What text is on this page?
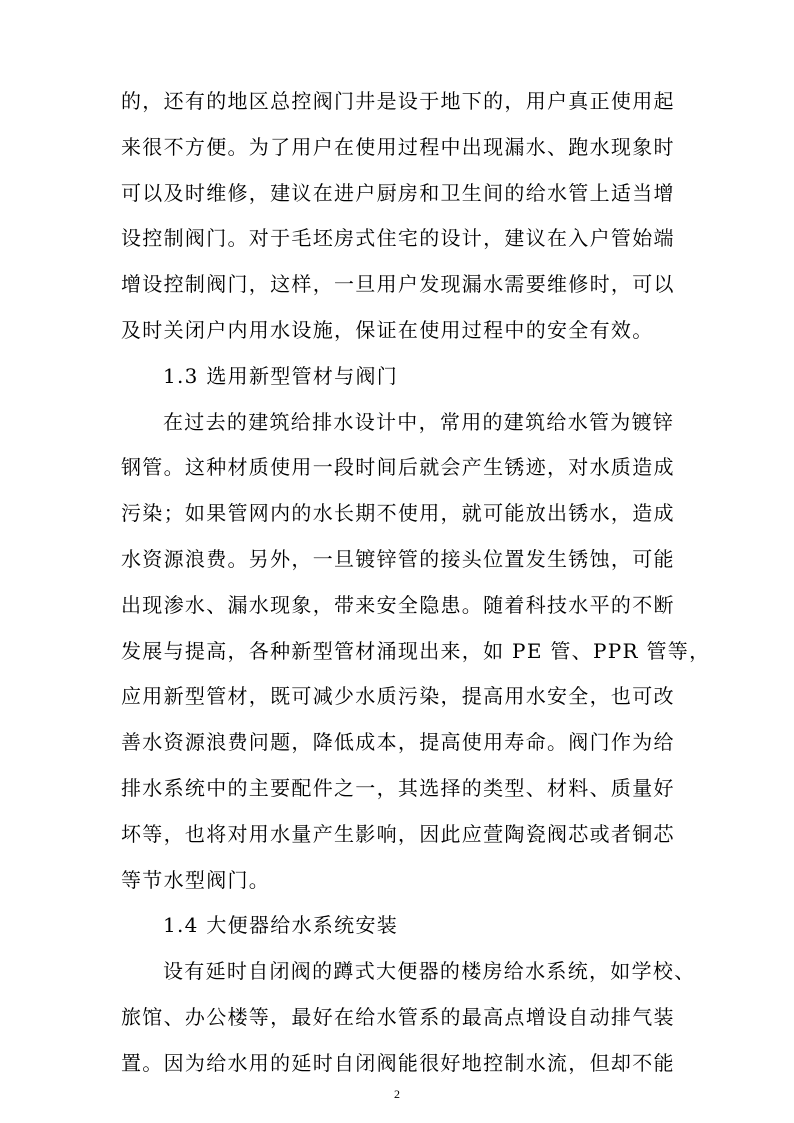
的，还有的地区总控阀门井是设于地下的，用户真正使用起
来很不方便。为了用户在使用过程中出现漏水、跑水现象时
可以及时维修，建议在进户厨房和卫生间的给水管上适当增
设控制阀门。对于毛坯房式住宅的设计，建议在入户管始端
增设控制阀门，这样，一旦用户发现漏水需要维修时，可以
及时关闭户内用水设施，保证在使用过程中的安全有效。
1.3 选用新型管材与阀门
在过去的建筑给排水设计中，常用的建筑给水管为镀锌
钢管。这种材质使用一段时间后就会产生锈迹，对水质造成
污染；如果管网内的水长期不使用，就可能放出锈水，造成
水资源浪费。另外，一旦镀锌管的接头位置发生锈蚀，可能
出现渗水、漏水现象，带来安全隐患。随着科技水平的不断
发展与提高，各种新型管材涌现出来，如 PE 管、PPR 管等，
应用新型管材，既可减少水质污染，提高用水安全，也可改
善水资源浪费问题，降低成本，提高使用寿命。阀门作为给
排水系统中的主要配件之一，其选择的类型、材料、质量好
坏等，也将对用水量产生影响，因此应萱陶瓷阀芯或者铜芯
等节水型阀门。
1.4 大便器给水系统安装
设有延时自闭阀的蹲式大便器的楼房给水系统，如学校、
旅馆、办公楼等，最好在给水管系的最高点增设自动排气装
置。因为给水用的延时自闭阀能很好地控制水流，但却不能
2
